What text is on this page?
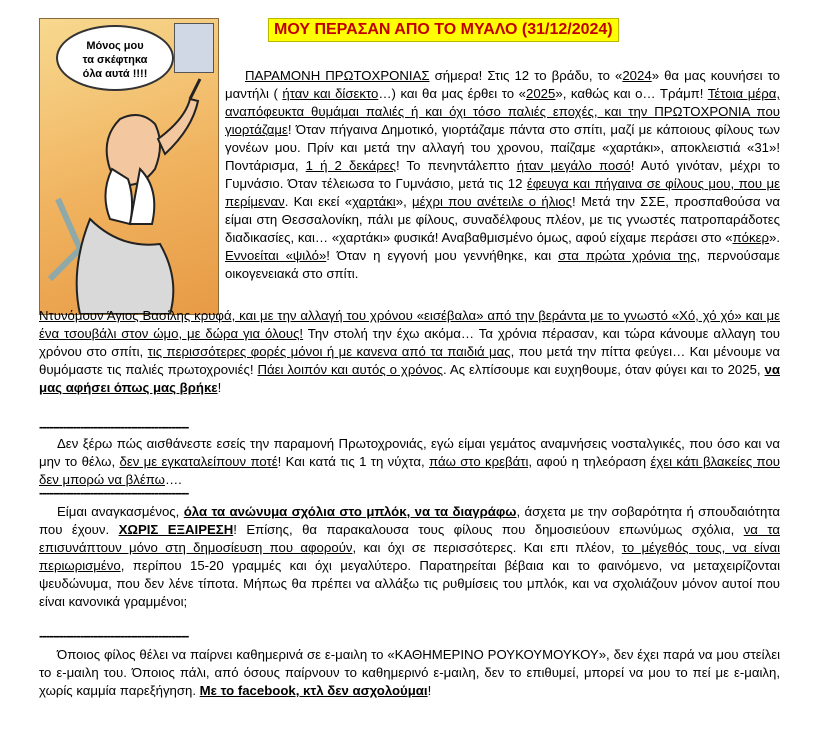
ΜΟΥ ΠΕΡΑΣΑΝ ΑΠΟ ΤΟ ΜΥΑΛΟ (31/12/2024)
Μόνος μου
τα σκέφτηκα
όλα αυτά !!!!	ΠΑΡΑΜΟΝΗ ΠΡΩΤΟΧΡΟΝΙΑΣ σήμερα! Στις 12 το βράδυ, το «2024» θα μας κουνήσει το μαντήλι ( ήταν και δίσεκτο…) και θα μας έρθει το «2025», καθώς και ο… Τράμπ! Τέτοια μέρα, αναπόφευκτα θυμάμαι παλιές ή και όχι τόσο παλιές εποχές, και την ΠΡΩΤΟΧΡΟΝΙΑ που γιορτάζαμε! Όταν πήγαινα Δημοτικό, γιορτάζαμε πάντα στο σπίτι, μαζί με κάποιους φίλους των γονέων μου. Πρίν και μετά την αλλαγή του χρονου, παίζαμε «χαρτάκι», αποκλειστιά «31»! Ποντάρισμα, 1 ή 2 δεκάρες! Το πενηντάλεπτο ήταν μεγάλο ποσό! Αυτό γινόταν, μέχρι το Γυμνάσιο. Όταν τέλειωσα το Γυμνάσιο, μετά τις 12 έφευγα και πήγαινα σε φίλους μου, που με περίμεναν. Και εκεί «χαρτάκι», μέχρι που ανέτειλε ο ήλιος! Μετά την ΣΣΕ, προσπαθούσα να είμαι στη Θεσσαλονίκη, πάλι με φίλους, συναδέλφους πλέον, με τις γνωστές πατροπαράδοτες διαδικασίες, και… «χαρτάκι» φυσικά! Αναβαθμισμένο όμως, αφού είχαμε περάσει στο «πόκερ». Εννοείται «ψιλό»! Όταν η εγγονή μου γεννήθηκε, και στα πρώτα χρόνια της, περνούσαμε οικογενειακά στο σπίτι.

Ντυνόμουν Άγιος Βασίλης κρυφά, και με την αλλαγή του χρόνου «εισέβαλα» από την βεράντα με το γνωστό «Χό, χό χό» και με ένα τσουβάλι στον ώμο, με δώρα για όλους! Την στολή την έχω ακόμα… Τα χρόνια πέρασαν, και τώρα κάνουμε αλλαγη του χρόνου στο σπίτι, τις περισσότερες φορές μόνοι ή με κανενα από τα παιδιά μας, που μετά την πίττα φεύγει… Και μένουμε να θυμόμαστε τις παλιές πρωτοχρονιές! Πάει λοιπόν και αυτός ο χρόνος. Ας ελπίσουμε και ευχηθουμε, όταν φύγει και το 2025, να μας αφήσει όπως μας βρήκε!

--------------------------------------------

Δεν ξέρω πώς αισθάνεστε εσείς την παραμονή Πρωτοχρονιάς, εγώ είμαι γεμάτος αναμνήσεις νοσταλγικές, που όσο και να μην το θέλω, δεν με εγκαταλείπουν ποτέ! Και κατά τις 1 τη νύχτα, πάω στο κρεβάτι, αφού η τηλεόραση έχει κάτι βλακείες που δεν μπορώ να βλέπω….

--------------------------------------------

Είμαι αναγκασμένος, όλα τα ανώνυμα σχόλια στο μπλόκ, να τα διαγράφω, άσχετα με την σοβαρότητα ή σπουδαιότητα που έχουν. ΧΩΡΙΣ ΕΞΑΙΡΕΣΗ! Επίσης, θα παρακαλουσα τους φίλους που δημοσιεύουν επωνύμως σχόλια, να τα επισυνάπτουν μόνο στη δημοσίευση που αφορούν, και όχι σε περισσότερες. Και επι πλέον, το μέγεθός τους, να είναι περιωρισμένο, περίπου 15-20 γραμμές και όχι μεγαλύτερο. Παρατηρείται βέβαια και το φαινόμενο, να μεταχειρίζονται ψευδώνυμα, που δεν λένε τίποτα. Μήπως θα πρέπει να αλλάξω τις ρυθμίσεις του μπλόκ, και να σχολιάζουν μόνον αυτοί που είναι κανονικά γραμμένοι;

--------------------------------------------

Όποιος φίλος θέλει να παίρνει καθημερινά σε ε-μαιλη το «ΚΑΘΗΜΕΡΙΝΟ ΡΟΥΚΟΥΜΟΥΚΟΥ», δεν έχει παρά να μου στείλει το ε-μαιλη του. Όποιος πάλι, από όσους παίρνουν το καθημερινό ε-μαιλη, δεν το επιθυμεί, μπορεί να μου το πεί με ε-μαιλη, χωρίς καμμία παρεξήγηση. Με το facebook, κτλ δεν ασχολούμαι!
